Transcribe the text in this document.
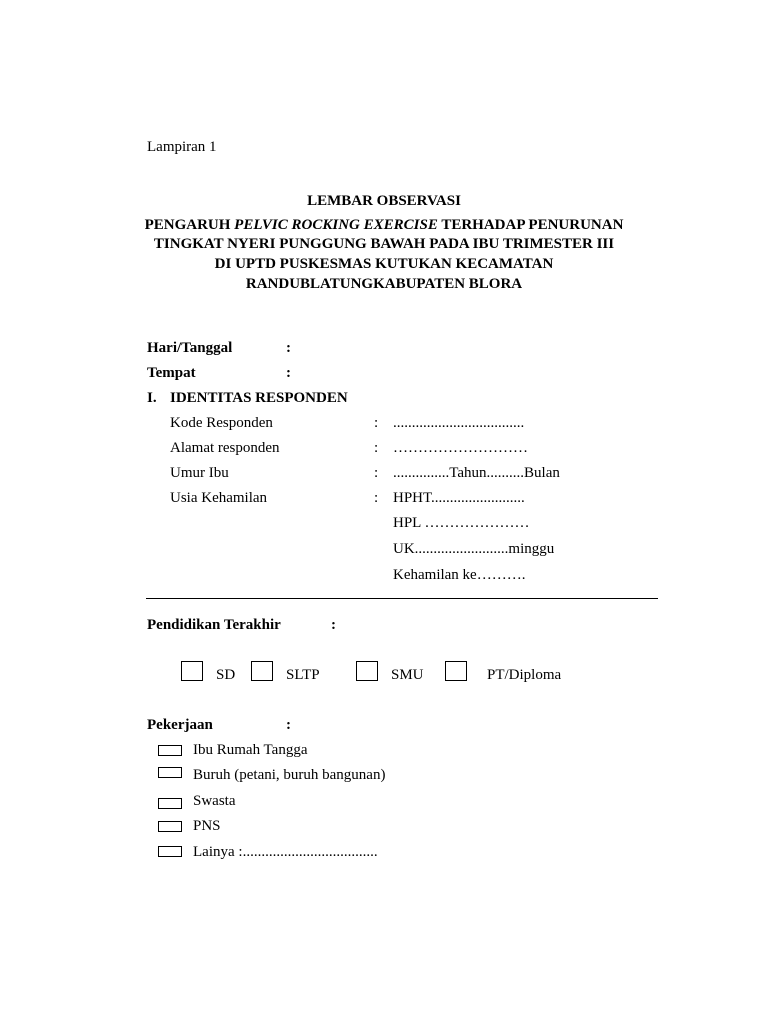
Lampiran 1
LEMBAR OBSERVASI
PENGARUH PELVIC ROCKING EXERCISE TERHADAP PENURUNAN
TINGKAT NYERI PUNGGUNG BAWAH PADA IBU TRIMESTER III
DI UPTD PUSKESMAS KUTUKAN KECAMATAN
RANDUBLATUNGKABUPATEN BLORA
Hari/Tanggal	:
Tempat	:
I. IDENTITAS RESPONDEN
Kode Responden	: ...................................
Alamat responden	: ………………………
Umur Ibu	: ...............Tahun..........Bulan
Usia Kehamilan	: HPHT.........................
HPL …………………
UK.........................minggu
Kehamilan ke……….
Pendidikan Terakhir	:
SD	SLTP	SMU	PT/Diploma
Pekerjaan	:
Ibu Rumah Tangga
Buruh (petani, buruh bangunan)
Swasta
PNS
Lainya :....................................
